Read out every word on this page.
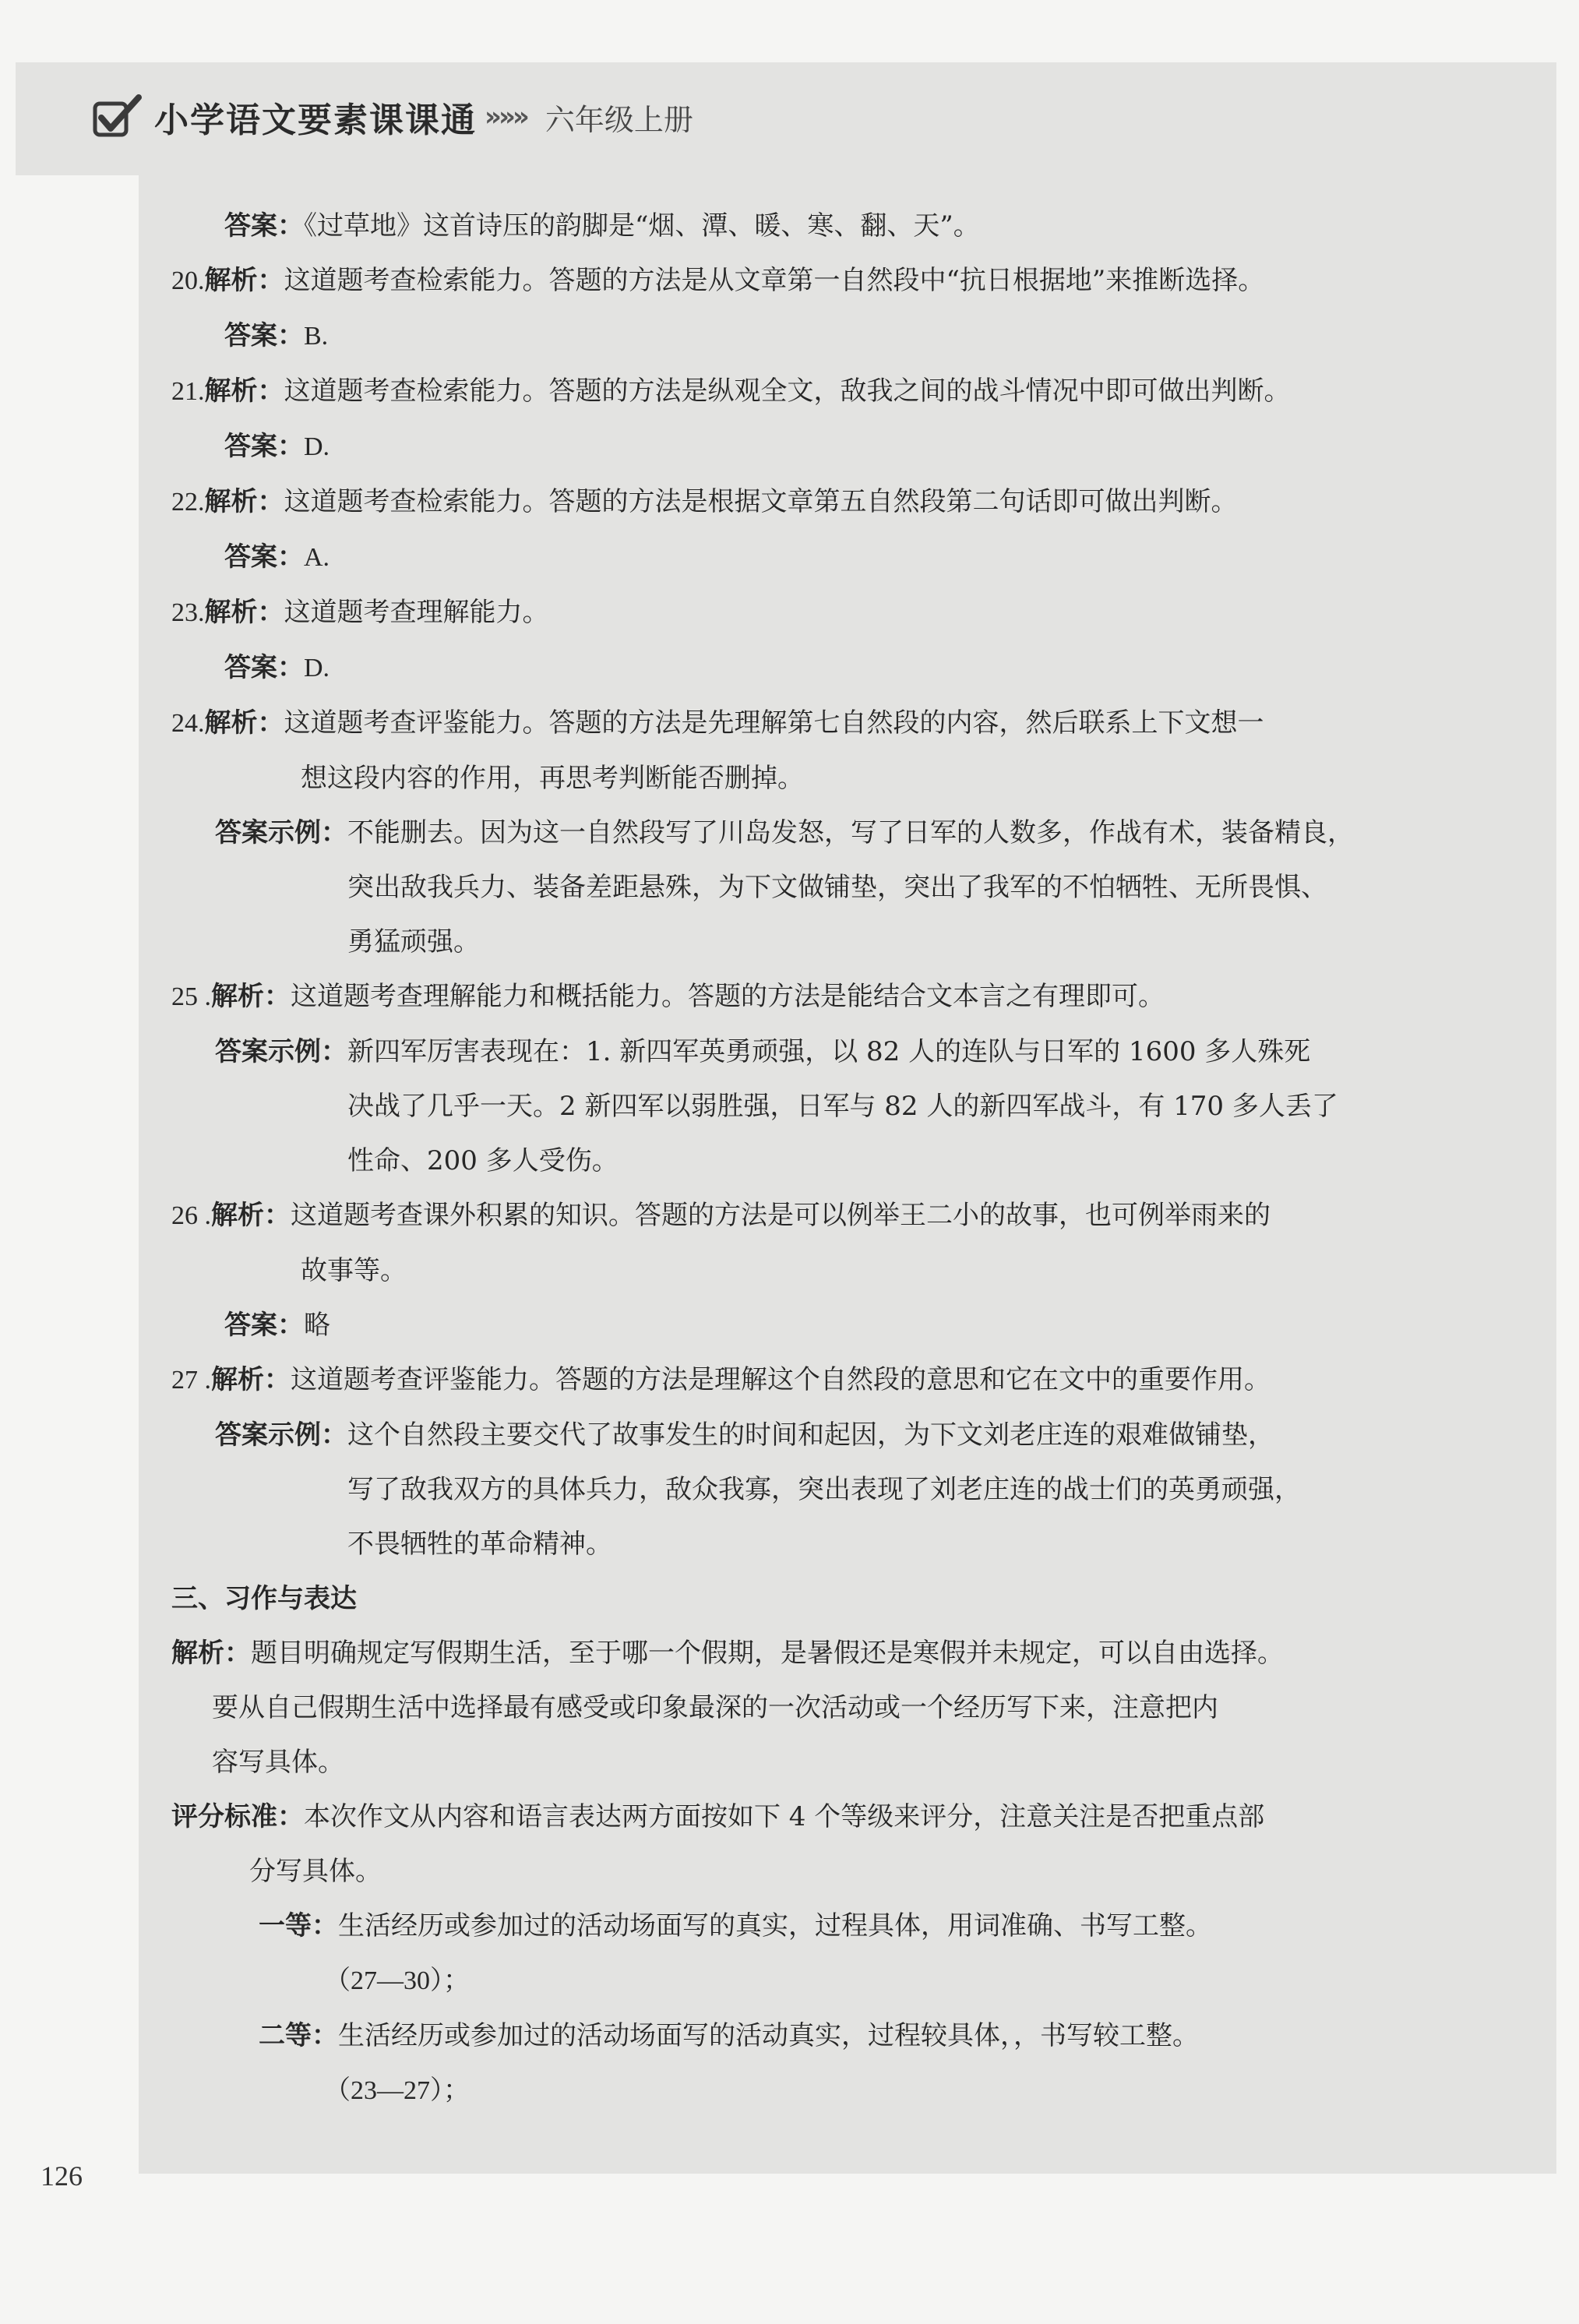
小学语文要素课课通 »»» 六年级上册
答案：《过草地》这首诗压的韵脚是“烟、潭、暖、寒、翻、天”。
20.解析：这道题考查检索能力。答题的方法是从文章第一自然段中“抗日根据地”来推断选择。
答案：B.
21.解析：这道题考查检索能力。答题的方法是纵观全文，敌我之间的战斗情况中即可做出判断。
答案：D.
22.解析：这道题考查检索能力。答题的方法是根据文章第五自然段第二句话即可做出判断。
答案：A.
23.解析：这道题考查理解能力。
答案：D.
24.解析：这道题考查评鉴能力。答题的方法是先理解第七自然段的内容，然后联系上下文想一
想这段内容的作用，再思考判断能否删掉。
答案示例：不能删去。因为这一自然段写了川岛发怒，写了日军的人数多，作战有术，装备精良，
突出敌我兵力、装备差距悬殊，为下文做铺垫，突出了我军的不怕牺牲、无所畏惧、
勇猛顽强。
25 .解析：这道题考查理解能力和概括能力。答题的方法是能结合文本言之有理即可。
答案示例：新四军厉害表现在：1. 新四军英勇顽强，以 82 人的连队与日军的 1600 多人殊死
决战了几乎一天。2 新四军以弱胜强，日军与 82 人的新四军战斗，有 170 多人丢了
性命、200 多人受伤。
26 .解析：这道题考查课外积累的知识。答题的方法是可以例举王二小的故事，也可例举雨来的
故事等。
答案：略
27 .解析：这道题考查评鉴能力。答题的方法是理解这个自然段的意思和它在文中的重要作用。
答案示例：这个自然段主要交代了故事发生的时间和起因，为下文刘老庄连的艰难做铺垫，
写了敌我双方的具体兵力，敌众我寡，突出表现了刘老庄连的战士们的英勇顽强，
不畏牺牲的革命精神。
三、习作与表达
解析：题目明确规定写假期生活，至于哪一个假期，是暑假还是寒假并未规定，可以自由选择。
要从自己假期生活中选择最有感受或印象最深的一次活动或一个经历写下来，注意把内
容写具体。
评分标准：本次作文从内容和语言表达两方面按如下 4 个等级来评分，注意关注是否把重点部
分写具体。
一等：生活经历或参加过的活动场面写的真实，过程具体，用词准确、书写工整。
（27—30）；
二等：生活经历或参加过的活动场面写的活动真实，过程较具体，，书写较工整。
（23—27）；
126
